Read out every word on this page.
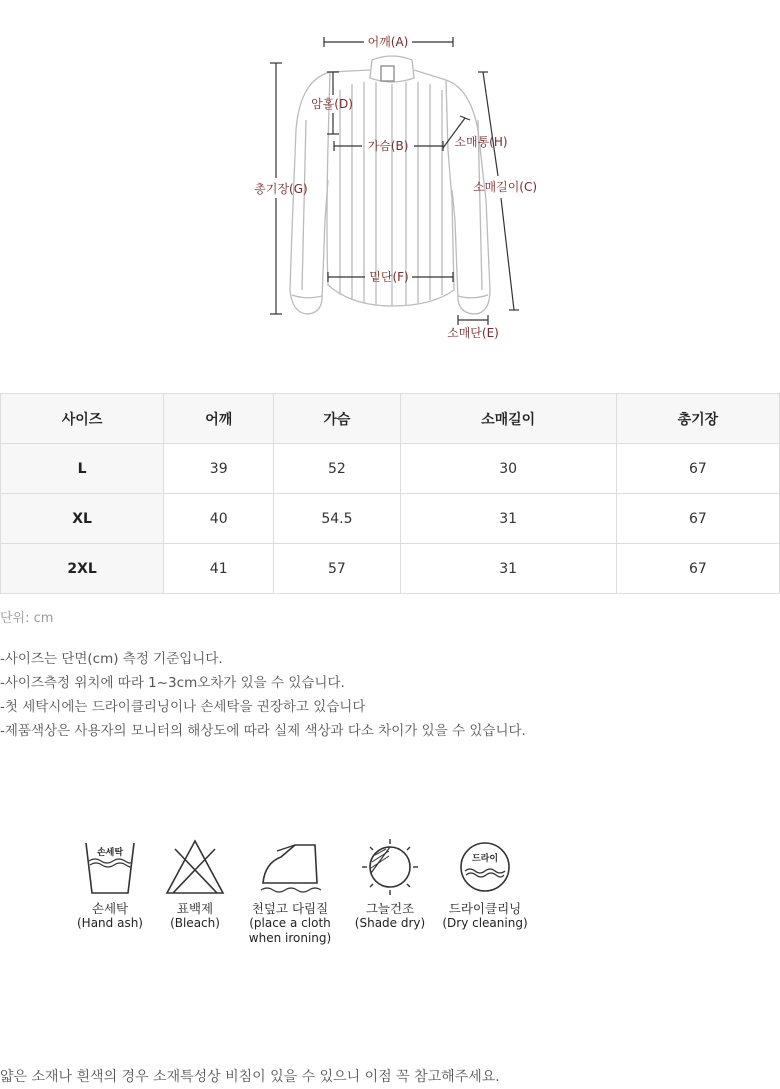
어깨(A)
암홀(D)
가슴(B)	소매통(H)
총기장(G)	소매길이(C)
밑단(F)
소매단(E)
사이즈	어깨	가슴	소매길이	총기장
L	39	52	30	67
XL	40	54.5	31	67
2XL	41	57	31	67
단위: cm
-사이즈는 단면(cm) 측정 기준입니다.
-사이즈측정 위치에 따라 1~3cm오차가 있을 수 있습니다.
-첫 세탁시에는 드라이클리닝이나 손세탁을 권장하고 있습니다
-제품색상은 사용자의 모니터의 해상도에 따라 실제 색상과 다소 차이가 있을 수 있습니다.
손세탁
손세탁
(Hand ash)
표백제
(Bleach)
천덮고 다림질
(place a cloth
when ironing)
그늘건조
(Shade dry)
드라이
드라이클리닝
(Dry cleaning)
얇은 소재나 흰색의 경우 소재특성상 비침이 있을 수 있으니 이점 꼭 참고해주세요.
